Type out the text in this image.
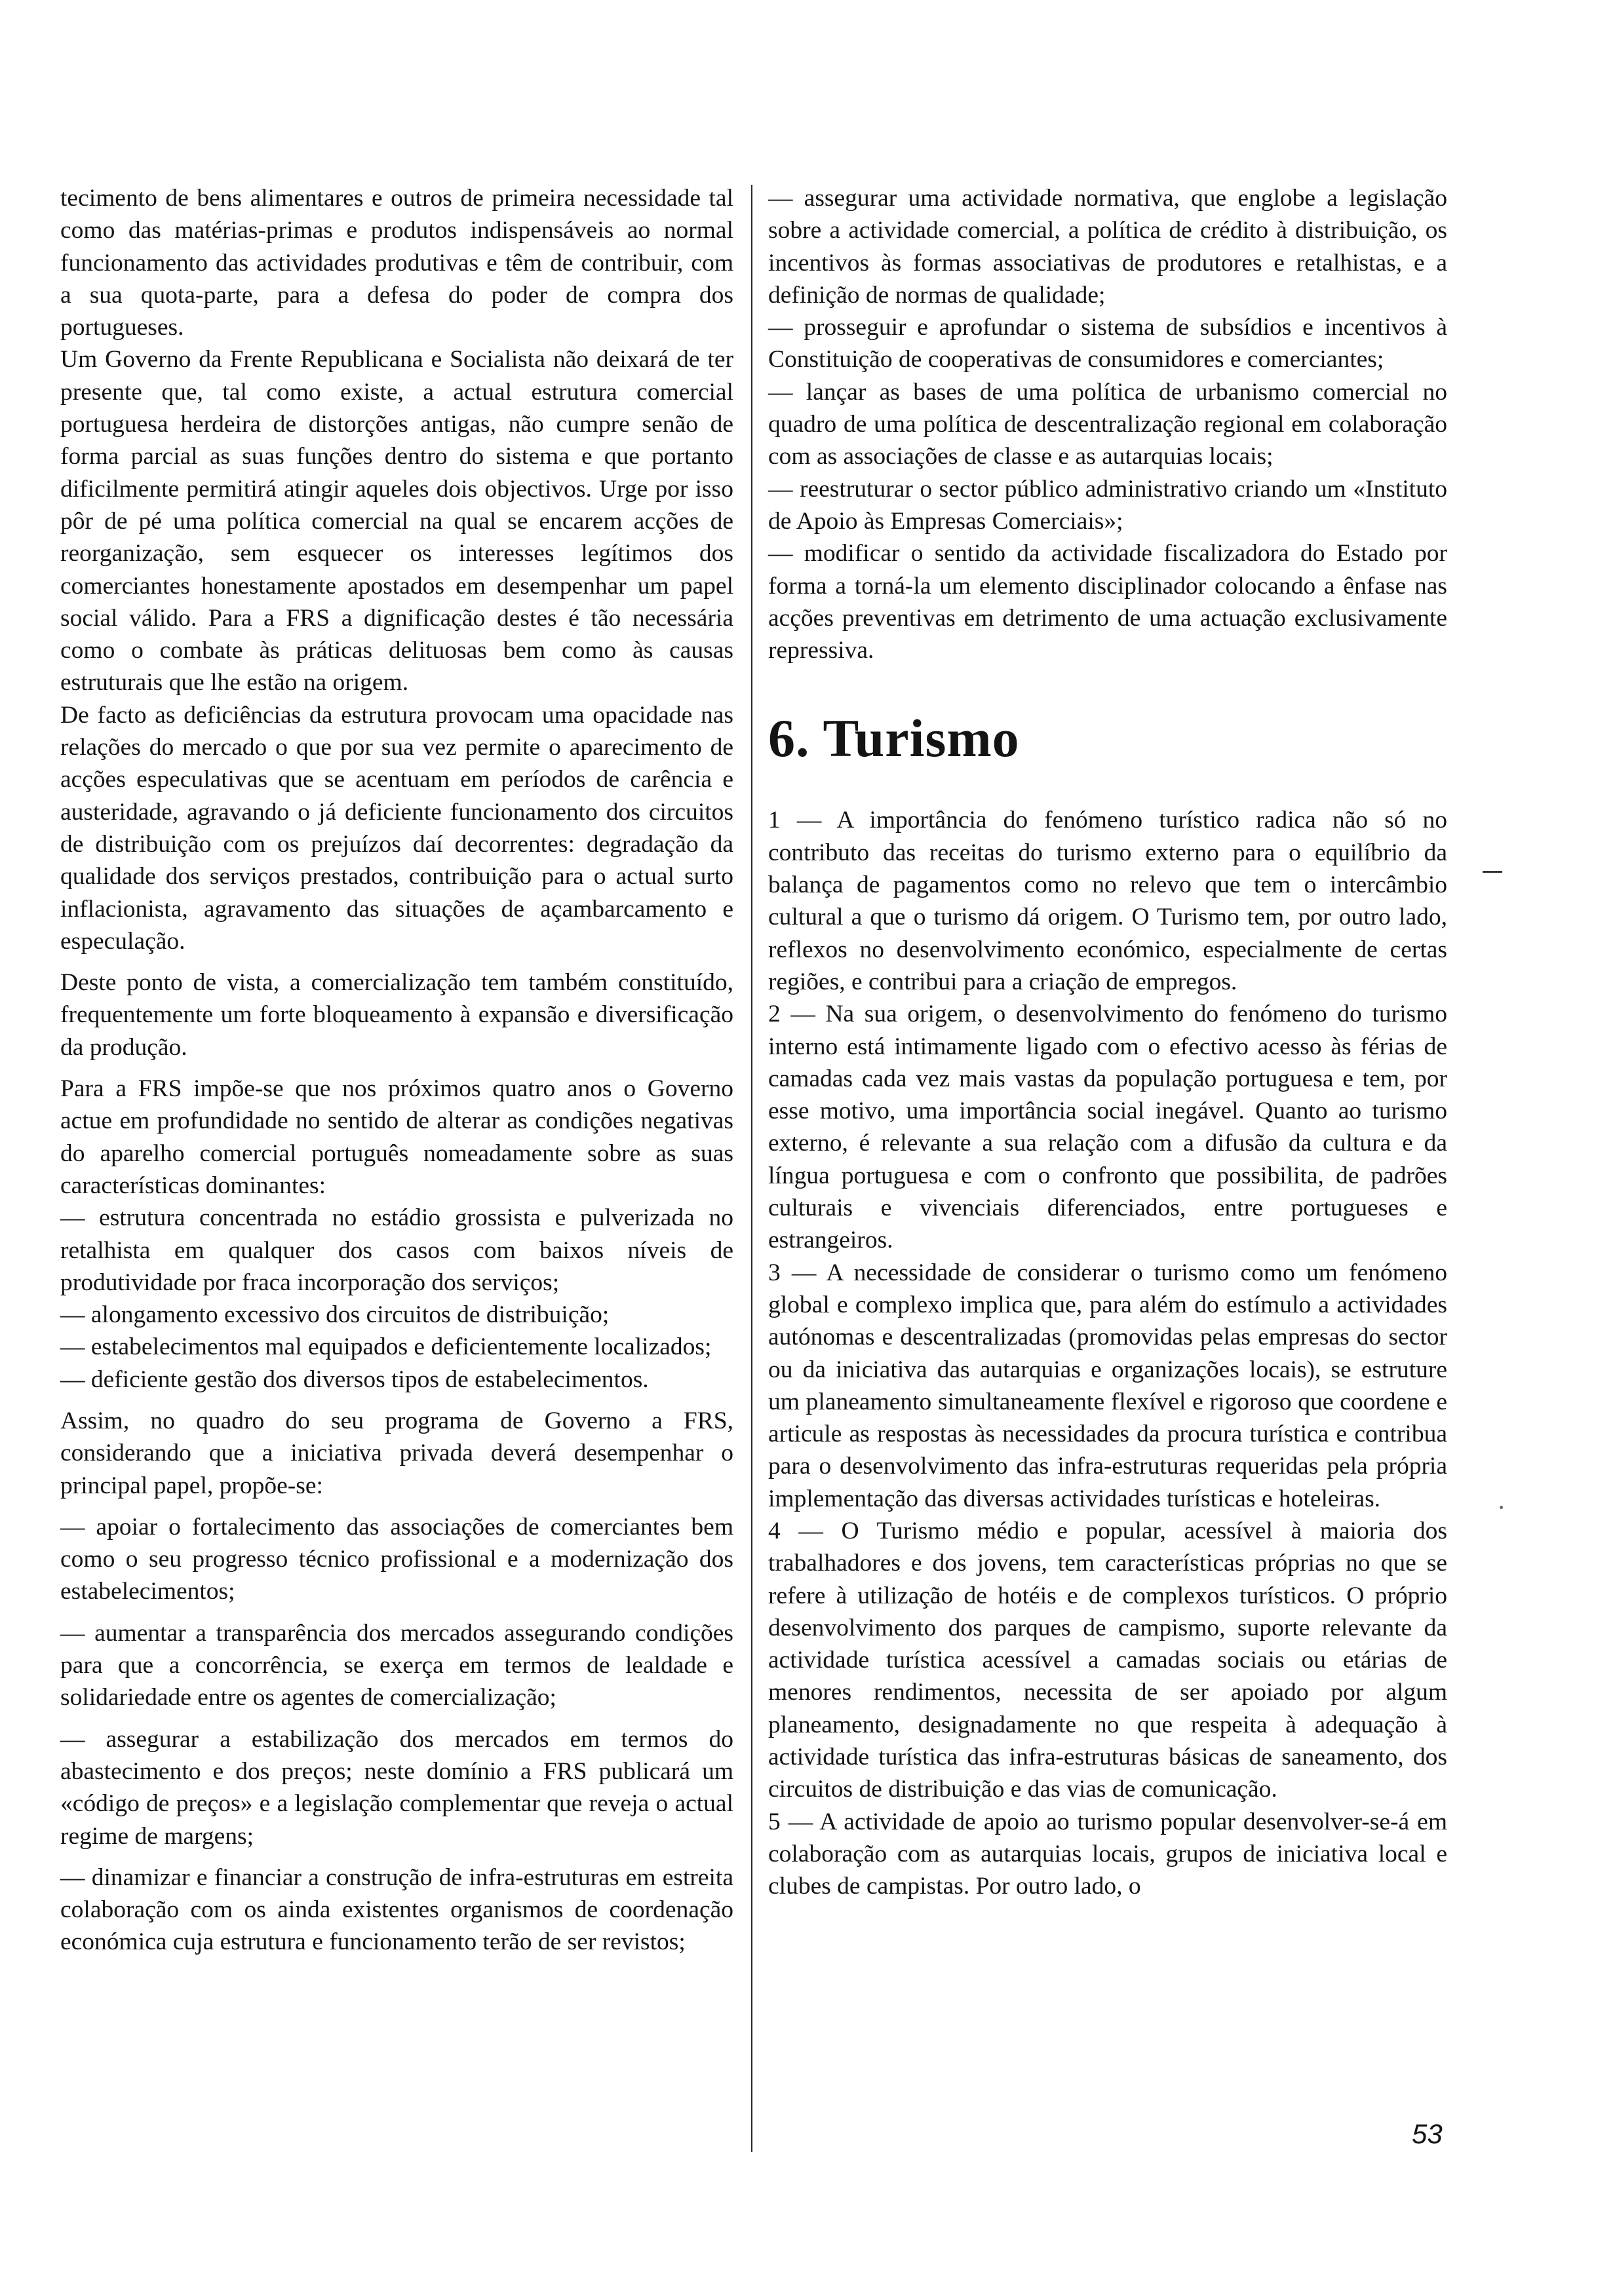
tecimento de bens alimentares e outros de primeira necessidade tal como das matérias-primas e produtos indispensáveis ao normal funcionamento das actividades produtivas e têm de contribuir, com a sua quota-parte, para a defesa do poder de compra dos portugueses.

Um Governo da Frente Republicana e Socialista não deixará de ter presente que, tal como existe, a actual estrutura comercial portuguesa herdeira de distorções antigas, não cumpre senão de forma parcial as suas funções dentro do sistema e que portanto dificilmente permitirá atingir aqueles dois objectivos. Urge por isso pôr de pé uma política comercial na qual se encarem acções de reorganização, sem esquecer os interesses legítimos dos comerciantes honestamente apostados em desempenhar um papel social válido. Para a FRS a dignificação destes é tão necessária como o combate às práticas delituosas bem como às causas estruturais que lhe estão na origem.

De facto as deficiências da estrutura provocam uma opacidade nas relações do mercado o que por sua vez permite o aparecimento de acções especulativas que se acentuam em períodos de carência e austeridade, agravando o já deficiente funcionamento dos circuitos de distribuição com os prejuízos daí decorrentes: degradação da qualidade dos serviços prestados, contribuição para o actual surto inflacionista, agravamento das situações de açambarcamento e especulação.

Deste ponto de vista, a comercialização tem também constituído, frequentemente um forte bloqueamento à expansão e diversificação da produção.

Para a FRS impõe-se que nos próximos quatro anos o Governo actue em profundidade no sentido de alterar as condições negativas do aparelho comercial português nomeadamente sobre as suas características dominantes:

— estrutura concentrada no estádio grossista e pulverizada no retalhista em qualquer dos casos com baixos níveis de produtividade por fraca incorporação dos serviços;

— alongamento excessivo dos circuitos de distribuição;

— estabelecimentos mal equipados e deficientemente localizados;

— deficiente gestão dos diversos tipos de estabelecimentos.

Assim, no quadro do seu programa de Governo a FRS, considerando que a iniciativa privada deverá desempenhar o principal papel, propõe-se:

— apoiar o fortalecimento das associações de comerciantes bem como o seu progresso técnico profissional e a modernização dos estabelecimentos;

— aumentar a transparência dos mercados assegurando condições para que a concorrência, se exerça em termos de lealdade e solidariedade entre os agentes de comercialização;

— assegurar a estabilização dos mercados em termos do abastecimento e dos preços; neste domínio a FRS publicará um «código de preços» e a legislação complementar que reveja o actual regime de margens;

— dinamizar e financiar a construção de infra-estruturas em estreita colaboração com os ainda existentes organismos de coordenação económica cuja estrutura e funcionamento terão de ser revistos;

— assegurar uma actividade normativa, que englobe a legislação sobre a actividade comercial, a política de crédito à distribuição, os incentivos às formas associativas de produtores e retalhistas, e a definição de normas de qualidade;

— prosseguir e aprofundar o sistema de subsídios e incentivos à Constituição de cooperativas de consumidores e comerciantes;

— lançar as bases de uma política de urbanismo comercial no quadro de uma política de descentralização regional em colaboração com as associações de classe e as autarquias locais;

— reestruturar o sector público administrativo criando um «Instituto de Apoio às Empresas Comerciais»;

— modificar o sentido da actividade fiscalizadora do Estado por forma a torná-la um elemento disciplinador colocando a ênfase nas acções preventivas em detrimento de uma actuação exclusivamente repressiva.

6. Turismo

1 — A importância do fenómeno turístico radica não só no contributo das receitas do turismo externo para o equilíbrio da balança de pagamentos como no relevo que tem o intercâmbio cultural a que o turismo dá origem. O Turismo tem, por outro lado, reflexos no desenvolvimento económico, especialmente de certas regiões, e contribui para a criação de empregos.

2 — Na sua origem, o desenvolvimento do fenómeno do turismo interno está intimamente ligado com o efectivo acesso às férias de camadas cada vez mais vastas da população portuguesa e tem, por esse motivo, uma importância social inegável. Quanto ao turismo externo, é relevante a sua relação com a difusão da cultura e da língua portuguesa e com o confronto que possibilita, de padrões culturais e vivenciais diferenciados, entre portugueses e estrangeiros.

3 — A necessidade de considerar o turismo como um fenómeno global e complexo implica que, para além do estímulo a actividades autónomas e descentralizadas (promovidas pelas empresas do sector ou da iniciativa das autarquias e organizações locais), se estruture um planeamento simultaneamente flexível e rigoroso que coordene e articule as respostas às necessidades da procura turística e contribua para o desenvolvimento das infra-estruturas requeridas pela própria implementação das diversas actividades turísticas e hoteleiras.

4 — O Turismo médio e popular, acessível à maioria dos trabalhadores e dos jovens, tem características próprias no que se refere à utilização de hotéis e de complexos turísticos. O próprio desenvolvimento dos parques de campismo, suporte relevante da actividade turística acessível a camadas sociais ou etárias de menores rendimentos, necessita de ser apoiado por algum planeamento, designadamente no que respeita à adequação à actividade turística das infra-estruturas básicas de saneamento, dos circuitos de distribuição e das vias de comunicação.

5 — A actividade de apoio ao turismo popular desenvolver-se-á em colaboração com as autarquias locais, grupos de iniciativa local e clubes de campistas. Por outro lado, o

53
